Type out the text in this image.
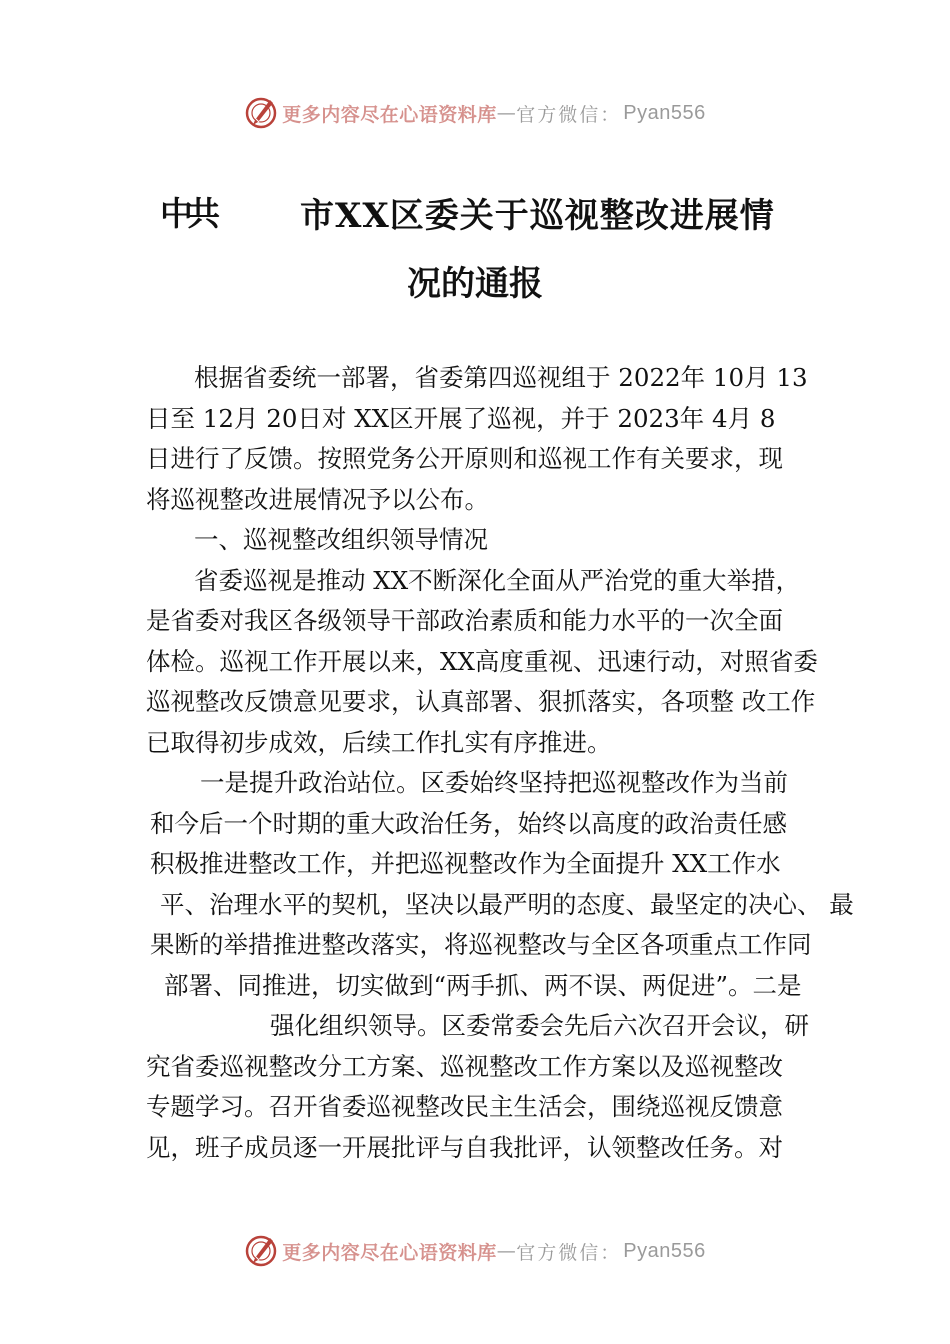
更多内容尽在心语资料库 — 官方微信： Pyan556
中共	市XX区委关于巡视整改进展情
况的通报
根据省委统一部署，省委第四巡视组于 2022年 10月 13
日至 12月 20日对 XX区开展了巡视，并于 2023年 4月 8
日进行了反馈。按照党务公开原则和巡视工作有关要求，现
将巡视整改进展情况予以公布。
一、巡视整改组织领导情况
省委巡视是推动 XX不断深化全面从严治党的重大举措，
是省委对我区各级领导干部政治素质和能力水平的一次全面
体检。巡视工作开展以来，XX高度重视、迅速行动，对照省委
巡视整改反馈意见要求，认真部署、狠抓落实，各项整 改工作
已取得初步成效，后续工作扎实有序推进。
一是提升政治站位。区委始终坚持把巡视整改作为当前
和今后一个时期的重大政治任务，始终以高度的政治责任感
积极推进整改工作，并把巡视整改作为全面提升 XX工作水
平、治理水平的契机，坚决以最严明的态度、最坚定的决心、 最
果断的举措推进整改落实，将巡视整改与全区各项重点工作同
部署、同推进，切实做到“两手抓、两不误、两促进”。二是
强化组织领导。区委常委会先后六次召开会议，研
究省委巡视整改分工方案、巡视整改工作方案以及巡视整改
专题学习。召开省委巡视整改民主生活会，围绕巡视反馈意
见，班子成员逐一开展批评与自我批评，认领整改任务。对
更多内容尽在心语资料库 — 官方微信： Pyan556
